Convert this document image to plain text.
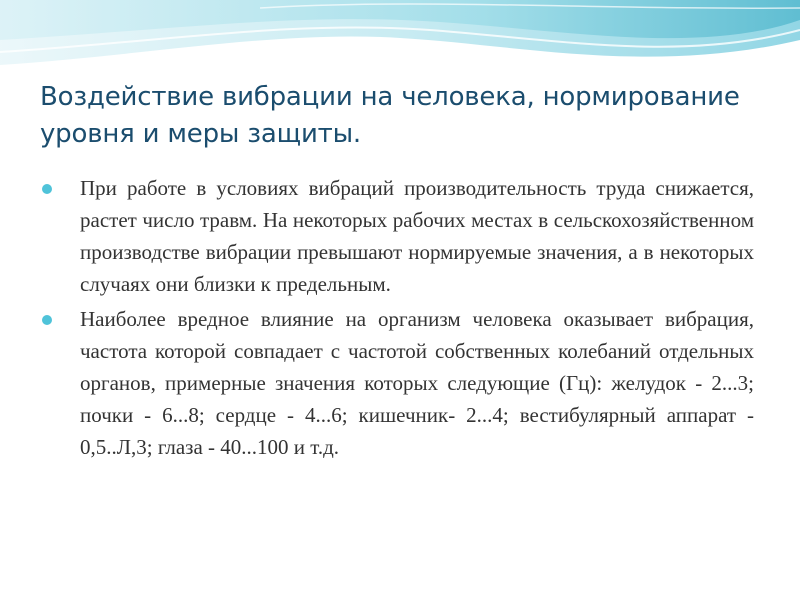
Воздействие вибрации на человека, нормирование уровня и меры защиты.
При работе в условиях вибраций производительность труда снижается, растет число травм. На некоторых рабочих местах в сельскохозяйственном производстве вибрации превышают нормируемые значения, а в некоторых случаях они близки к предельным.
Наиболее вредное влияние на организм человека оказывает вибрация, частота которой совпадает с частотой собственных колебаний отдельных органов, примерные значения которых следующие (Гц): желудок - 2...3; почки - 6...8; сердце - 4...6; кишечник- 2...4; вестибулярный аппарат - 0,5..Л,3; глаза - 40...100 и т.д.
